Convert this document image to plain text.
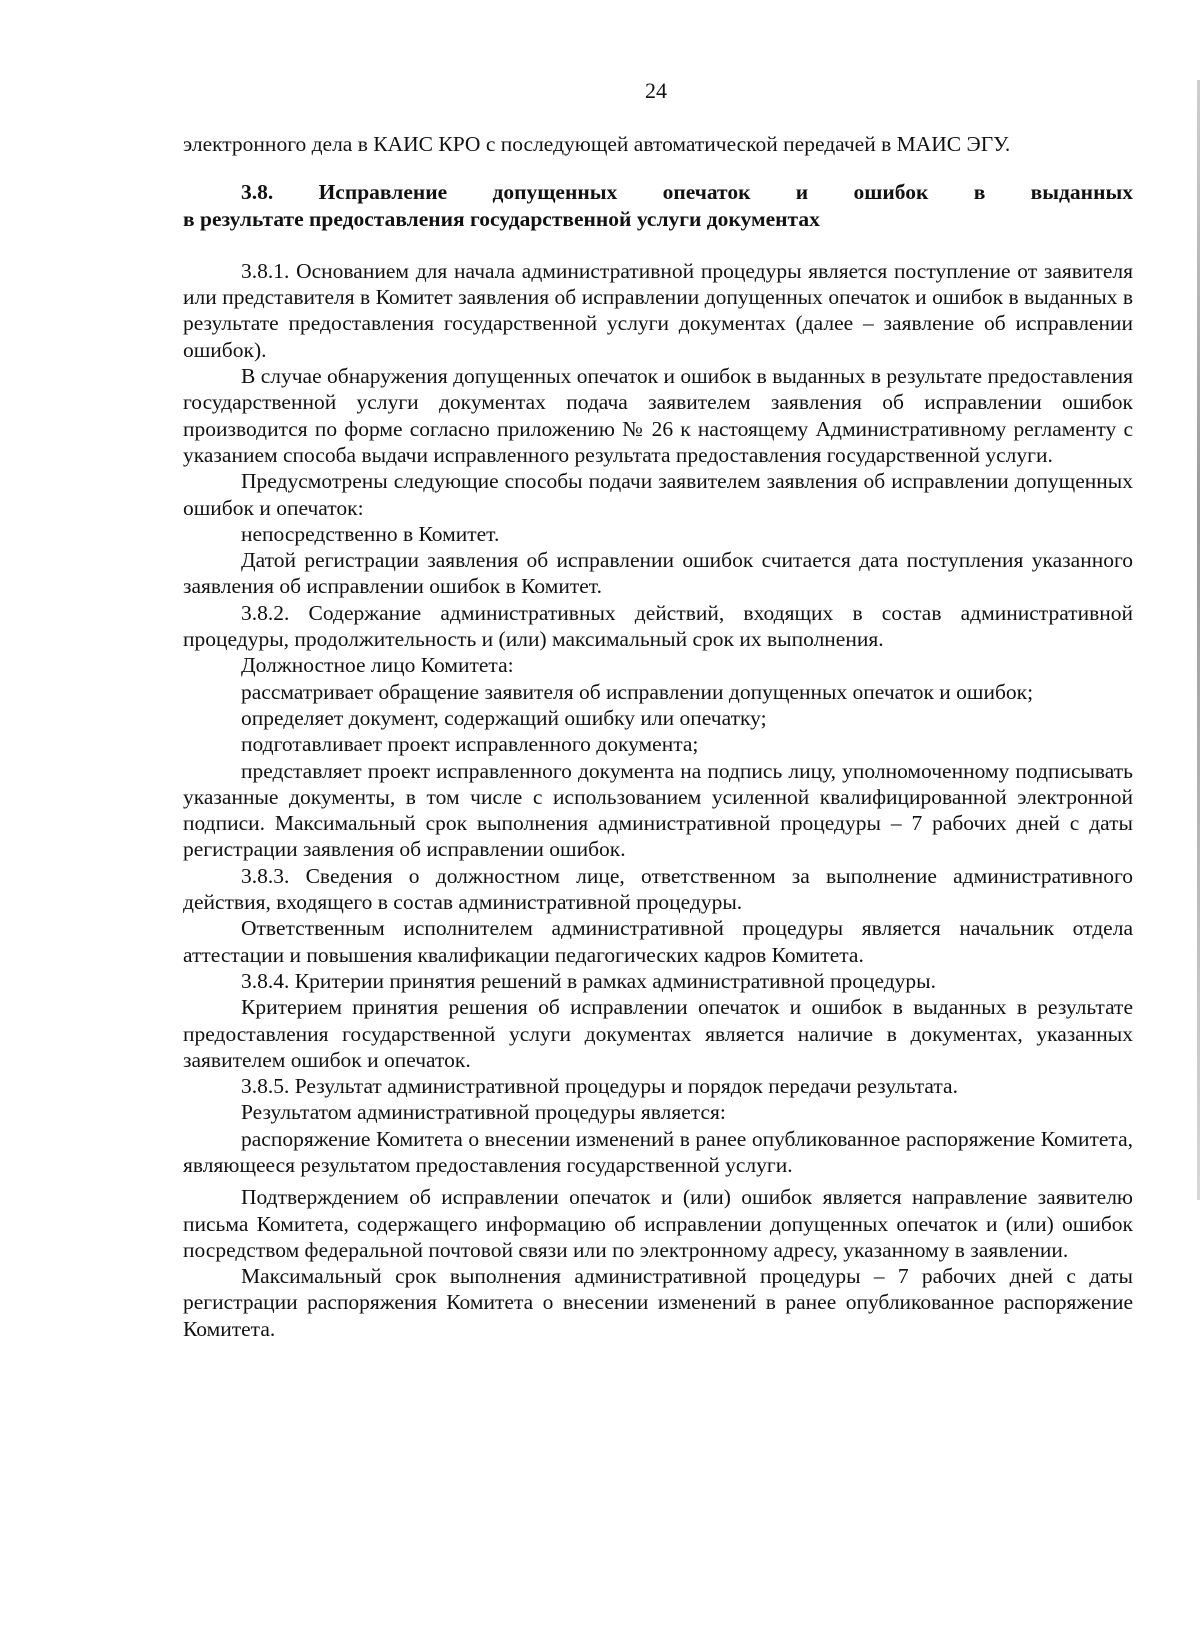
24

электронного дела в КАИС КРО с последующей автоматической передачей в МАИС ЭГУ.

3.8. Исправление допущенных опечаток и ошибок в выданных
в результате предоставления государственной услуги документах

3.8.1. Основанием для начала административной процедуры является поступление от заявителя или представителя в Комитет заявления об исправлении допущенных опечаток и ошибок в выданных в результате предоставления государственной услуги документах (далее – заявление об исправлении ошибок).

В случае обнаружения допущенных опечаток и ошибок в выданных в результате предоставления государственной услуги документах подача заявителем заявления об исправлении ошибок производится по форме согласно приложению № 26 к настоящему Административному регламенту с указанием способа выдачи исправленного результата предоставления государственной услуги.

Предусмотрены следующие способы подачи заявителем заявления об исправлении допущенных ошибок и опечаток:

непосредственно в Комитет.

Датой регистрации заявления об исправлении ошибок считается дата поступления указанного заявления об исправлении ошибок в Комитет.

3.8.2. Содержание административных действий, входящих в состав административной процедуры, продолжительность и (или) максимальный срок их выполнения.

Должностное лицо Комитета:

рассматривает обращение заявителя об исправлении допущенных опечаток и ошибок;

определяет документ, содержащий ошибку или опечатку;

подготавливает проект исправленного документа;

представляет проект исправленного документа на подпись лицу, уполномоченному подписывать указанные документы, в том числе с использованием усиленной квалифицированной электронной подписи. Максимальный срок выполнения административной процедуры – 7 рабочих дней с даты регистрации заявления об исправлении ошибок.

3.8.3. Сведения о должностном лице, ответственном за выполнение административного действия, входящего в состав административной процедуры.

Ответственным исполнителем административной процедуры является начальник отдела аттестации и повышения квалификации педагогических кадров Комитета.

3.8.4. Критерии принятия решений в рамках административной процедуры.

Критерием принятия решения об исправлении опечаток и ошибок в выданных в результате предоставления государственной услуги документах является наличие в документах, указанных заявителем ошибок и опечаток.

3.8.5. Результат административной процедуры и порядок передачи результата.

Результатом административной процедуры является:

распоряжение Комитета о внесении изменений в ранее опубликованное распоряжение Комитета, являющееся результатом предоставления государственной услуги.

Подтверждением об исправлении опечаток и (или) ошибок является направление заявителю письма Комитета, содержащего информацию об исправлении допущенных опечаток и (или) ошибок посредством федеральной почтовой связи или по электронному адресу, указанному в заявлении.

Максимальный срок выполнения административной процедуры – 7 рабочих дней с даты регистрации распоряжения Комитета о внесении изменений в ранее опубликованное распоряжение Комитета.
